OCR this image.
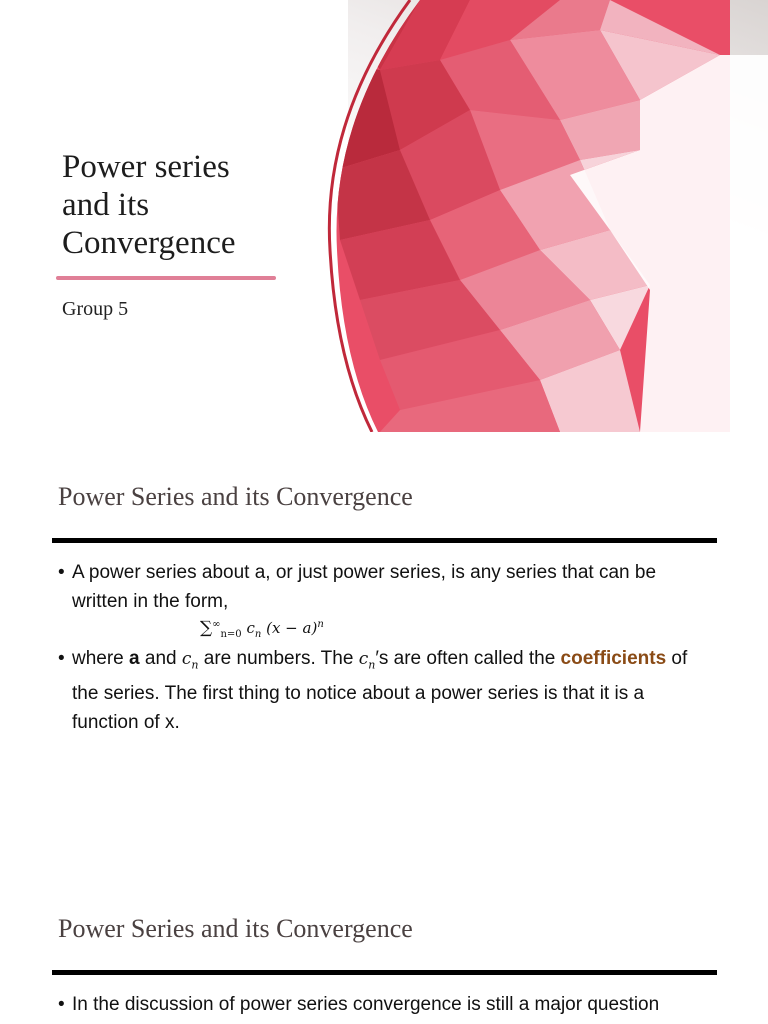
Power series
and its
Convergence
Group 5
Power Series and its Convergence
• A power series about a, or just power series, is any series that can be written in the form,
$\sum^\infty_{n=0}$ $c_n$ $(x - a)^n$
• where a and $c_n$ are numbers. The $c_n's$ are often called the coefficients of the series. The first thing to notice about a power series is that it is a function of x.
Power Series and its Convergence
• In the discussion of power series convergence is still a major question
